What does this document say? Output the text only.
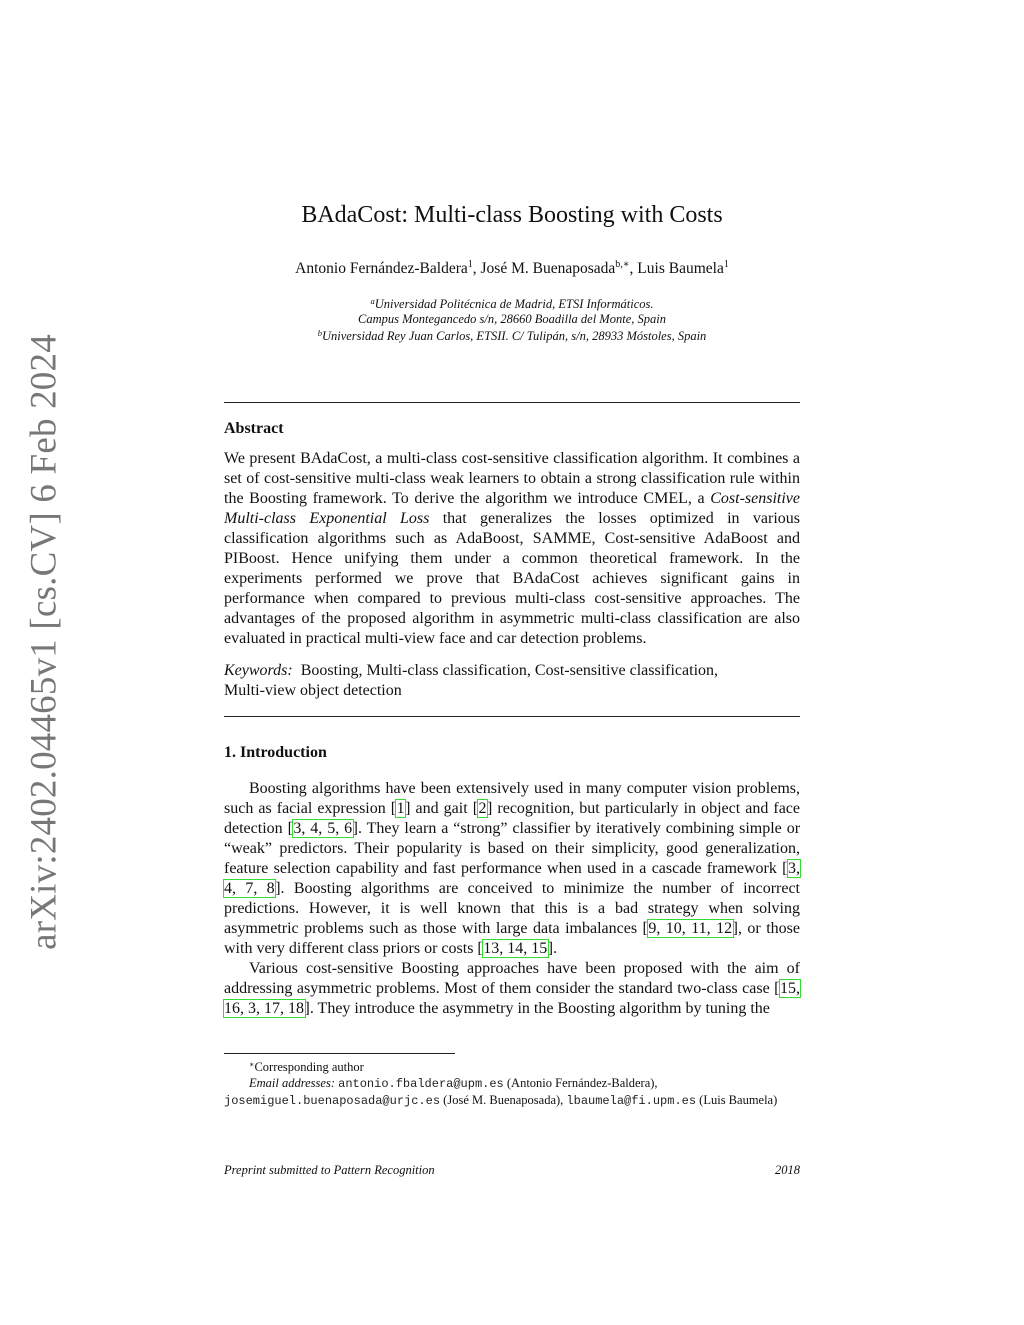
arXiv:2402.04465v1 [cs.CV] 6 Feb 2024
BAdaCost: Multi-class Boosting with Costs
Antonio Fernández-Baldera$^1$, José M. Buenaposada$^{b,∗}$, Luis Baumela$^1$
$^a$Universidad Politécnica de Madrid, ETSI Informáticos.
Campus Montegancedo s/n, 28660 Boadilla del Monte, Spain
$^b$Universidad Rey Juan Carlos, ETSII. C/ Tulipán, s/n, 28933 Móstoles, Spain
Abstract

We present BAdaCost, a multi-class cost-sensitive classification algorithm. It combines a set of cost-sensitive multi-class weak learners to obtain a strong classification rule within the Boosting framework. To derive the algorithm we introduce CMEL, a Cost-sensitive Multi-class Exponential Loss that generalizes the losses optimized in various classification algorithms such as AdaBoost, SAMME, Cost-sensitive AdaBoost and PIBoost. Hence unifying them under a common theoretical framework. In the experiments performed we prove that BAdaCost achieves significant gains in performance when compared to previous multi-class cost-sensitive approaches. The advantages of the proposed algorithm in asymmetric multi-class classification are also evaluated in practical multi-view face and car detection problems.

Keywords: Boosting, Multi-class classification, Cost-sensitive classification,

Multi-view object detection

1. Introduction

Boosting algorithms have been extensively used in many computer vision problems, such as facial expression [1] and gait [2] recognition, but particularly in object and face detection [3, 4, 5, 6]. They learn a “strong” classifier by iteratively combining simple or “weak” predictors. Their popularity is based on their simplicity, good generalization, feature selection capability and fast performance when used in a cascade framework [3, 4, 7, 8]. Boosting algorithms are conceived to minimize the number of incorrect predictions. However, it is well known that this is a bad strategy when solving asymmetric problems such as those with large data imbalances [9, 10, 11, 12], or those with very different class priors or costs [13, 14, 15].

Various cost-sensitive Boosting approaches have been proposed with the aim of addressing asymmetric problems. Most of them consider the standard two-class case [15, 16, 3, 17, 18]. They introduce the asymmetry in the Boosting algorithm by tuning the

∗Corresponding author
Email addresses: antonio.fbaldera@upm.es (Antonio Fernández-Baldera),
josemiguel.buenaposada@urjc.es (José M. Buenaposada), lbaumela@fi.upm.es (Luis Baumela)
Preprint submitted to Pattern Recognition	2018
